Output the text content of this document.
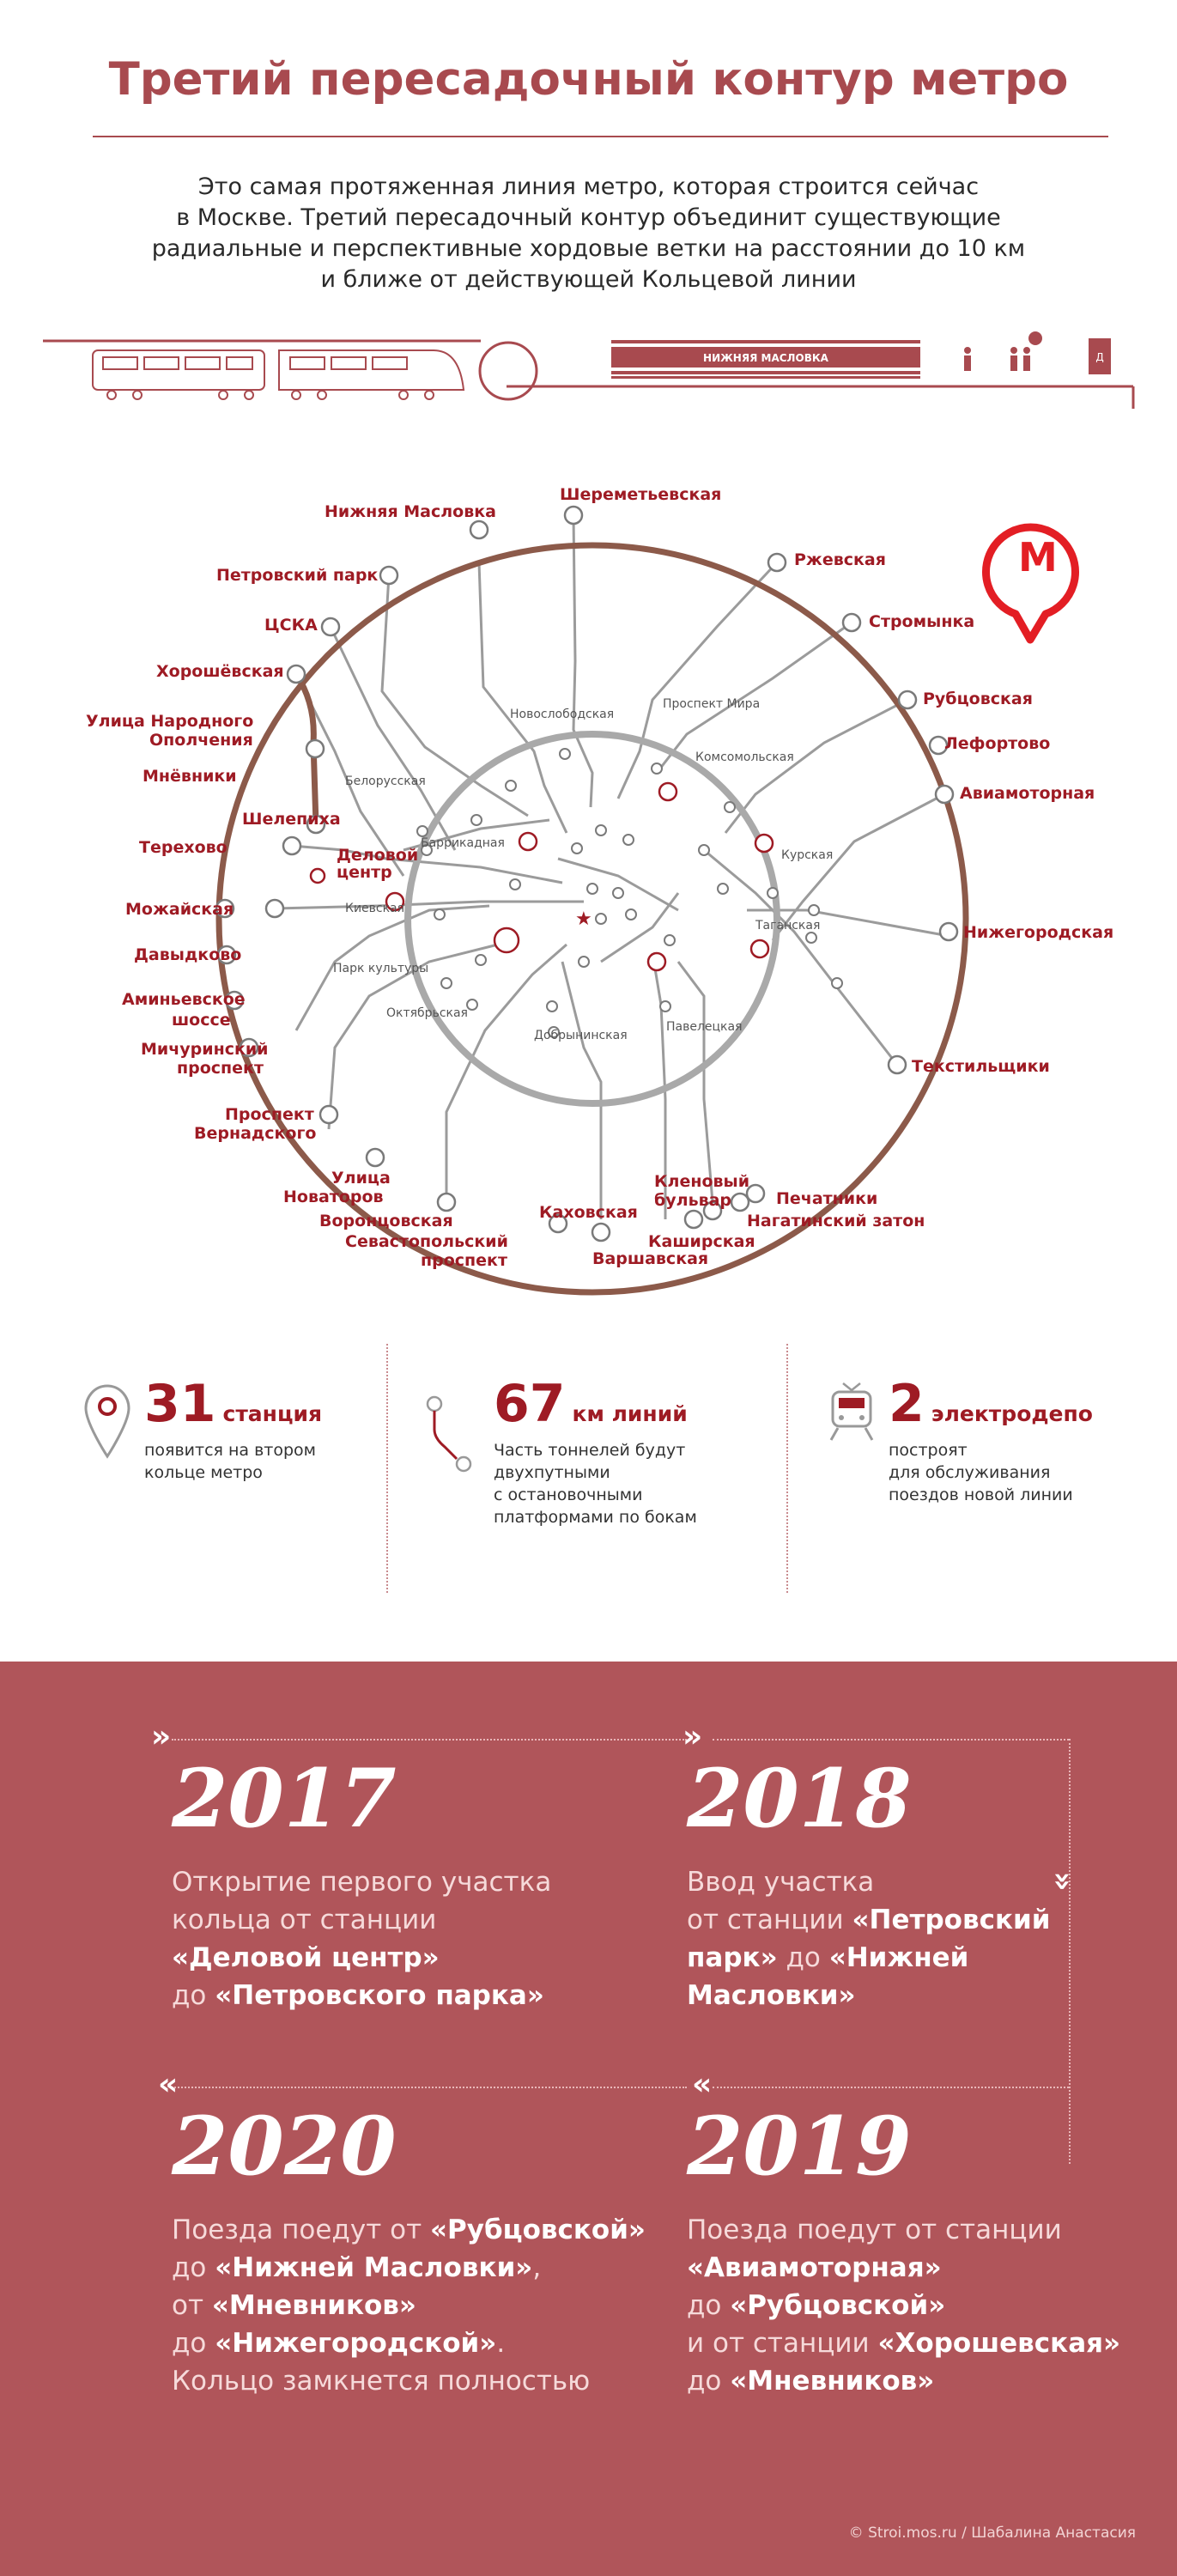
Третий пересадочный контур метро
Это самая протяженная линия метро, которая строится сейчас
в Москве. Третий пересадочный контур объединит существующие
радиальные и перспективные хордовые ветки на расстоянии до 10 км
и ближе от действующей Кольцевой линии
НИЖНЯЯ МАСЛОВКА	Д
★
Новослободская
Проспект Мира
Белорусская
Комсомольская
Баррикадная
Курская
Киевская
Таганская
Парк культуры
Октябрьская
Добрынинская
Павелецкая
Шереметьевская
Нижняя Масловка
Ржевская
Петровский парк
Стромынка
ЦСКА
Хорошёвская
Рубцовская
Улица Народного
Ополчения	Лефортово
Мнёвники
Авиамоторная
Шелепиха
Терехово	Деловой
центр
Можайская
Нижегородская
Давыдково
Аминьевское
шоссе
Мичуринский
проспект	Текстильщики
Проспект
Вернадского
Улица
Новаторов
Воронцовская
Севастопольский
проспект
Каховская
Варшавская
Кленовый
бульвар
Каширская
Печатники
Нагатинский затон
М
31 станция
появится на втором
кольце метро
67 км линий
Часть тоннелей будут
двухпутными
с остановочными
платформами по бокам
2 электродепо
построят
для обслуживания
поездов новой линии
»	»
»
«
«
2017
Открытие первого участка
кольца от станции
«Деловой центр»
до «Петровского парка»
2018
Ввод участка
от станции «Петровский
парк» до «Нижней
Масловки»
2020
Поезда поедут от «Рубцовской»
до «Нижней Масловки»,
от «Мневников»
до «Нижегородской».
Кольцо замкнется полностью
2019
Поезда поедут от станции
«Авиамоторная»
до «Рубцовской»
и от станции «Хорошевская»
до «Мневников»
© Stroi.mos.ru / Шабалина Анастасия
